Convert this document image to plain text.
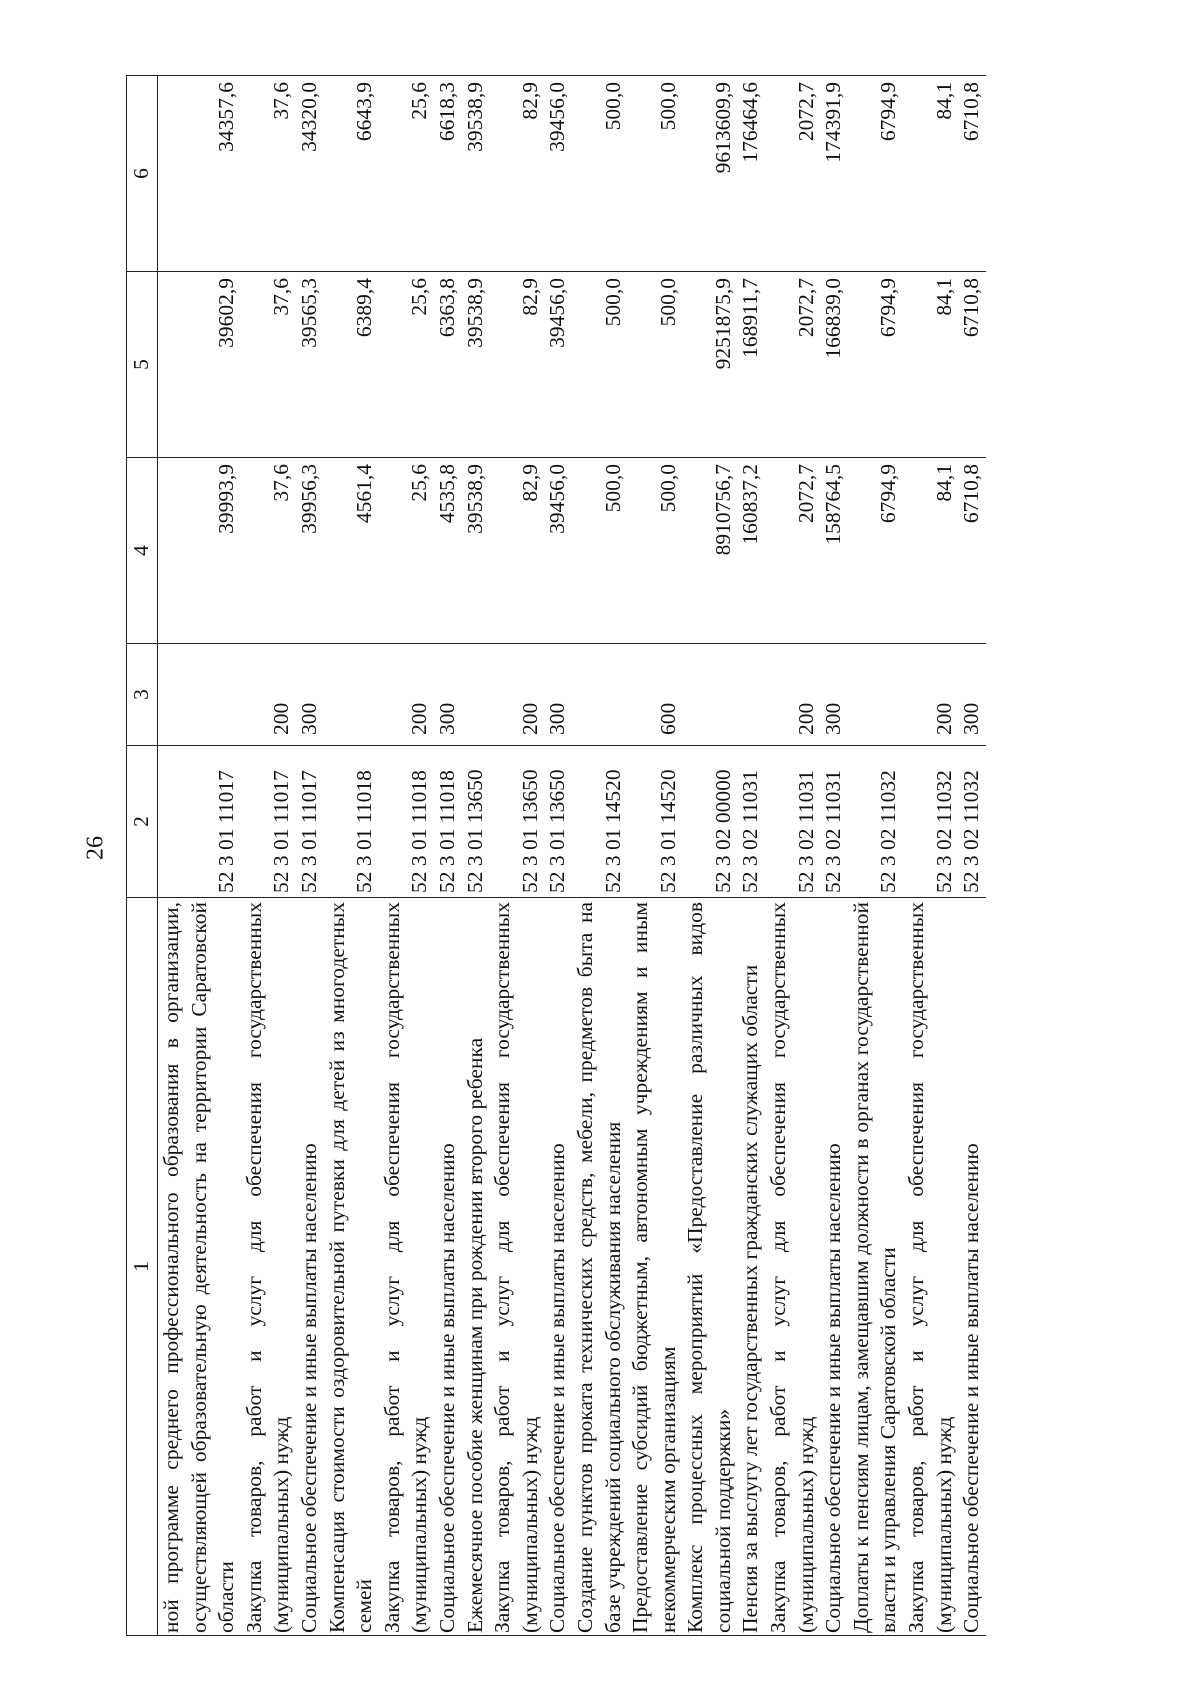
26
1	2	3	4	5	6
ной программе среднего профессионального образования в организации, осуществляющей образовательную деятельность на территории Саратовской области	52 3 01 11017		39993,9	39602,9	34357,6
Закупка товаров, работ и услуг для обеспечения государственных (муниципальных) нужд	52 3 01 11017	200	37,6	37,6	37,6
Социальное обеспечение и иные выплаты населению	52 3 01 11017	300	39956,3	39565,3	34320,0
Компенсация стоимости оздоровительной путевки для детей из многодетных семей	52 3 01 11018		4561,4	6389,4	6643,9
Закупка товаров, работ и услуг для обеспечения государственных (муниципальных) нужд	52 3 01 11018	200	25,6	25,6	25,6
Социальное обеспечение и иные выплаты населению	52 3 01 11018	300	4535,8	6363,8	6618,3
Ежемесячное пособие женщинам при рождении второго ребенка	52 3 01 13650		39538,9	39538,9	39538,9
Закупка товаров, работ и услуг для обеспечения государственных (муниципальных) нужд	52 3 01 13650	200	82,9	82,9	82,9
Социальное обеспечение и иные выплаты населению	52 3 01 13650	300	39456,0	39456,0	39456,0
Создание пунктов проката технических средств, мебели, предметов быта на базе учреждений социального обслуживания населения	52 3 01 14520		500,0	500,0	500,0
Предоставление субсидий бюджетным, автономным учреждениям и иным некоммерческим организациям	52 3 01 14520	600	500,0	500,0	500,0
Комплекс процессных мероприятий «Предоставление различных видов социальной поддержки»	52 3 02 00000		8910756,7	9251875,9	9613609,9
Пенсия за выслугу лет государственных гражданских служащих области	52 3 02 11031		160837,2	168911,7	176464,6
Закупка товаров, работ и услуг для обеспечения государственных (муниципальных) нужд	52 3 02 11031	200	2072,7	2072,7	2072,7
Социальное обеспечение и иные выплаты населению	52 3 02 11031	300	158764,5	166839,0	174391,9
Доплаты к пенсиям лицам, замещавшим должности в органах государственной власти и управления Саратовской области	52 3 02 11032		6794,9	6794,9	6794,9
Закупка товаров, работ и услуг для обеспечения государственных (муниципальных) нужд	52 3 02 11032	200	84,1	84,1	84,1
Социальное обеспечение и иные выплаты населению	52 3 02 11032	300	6710,8	6710,8	6710,8
